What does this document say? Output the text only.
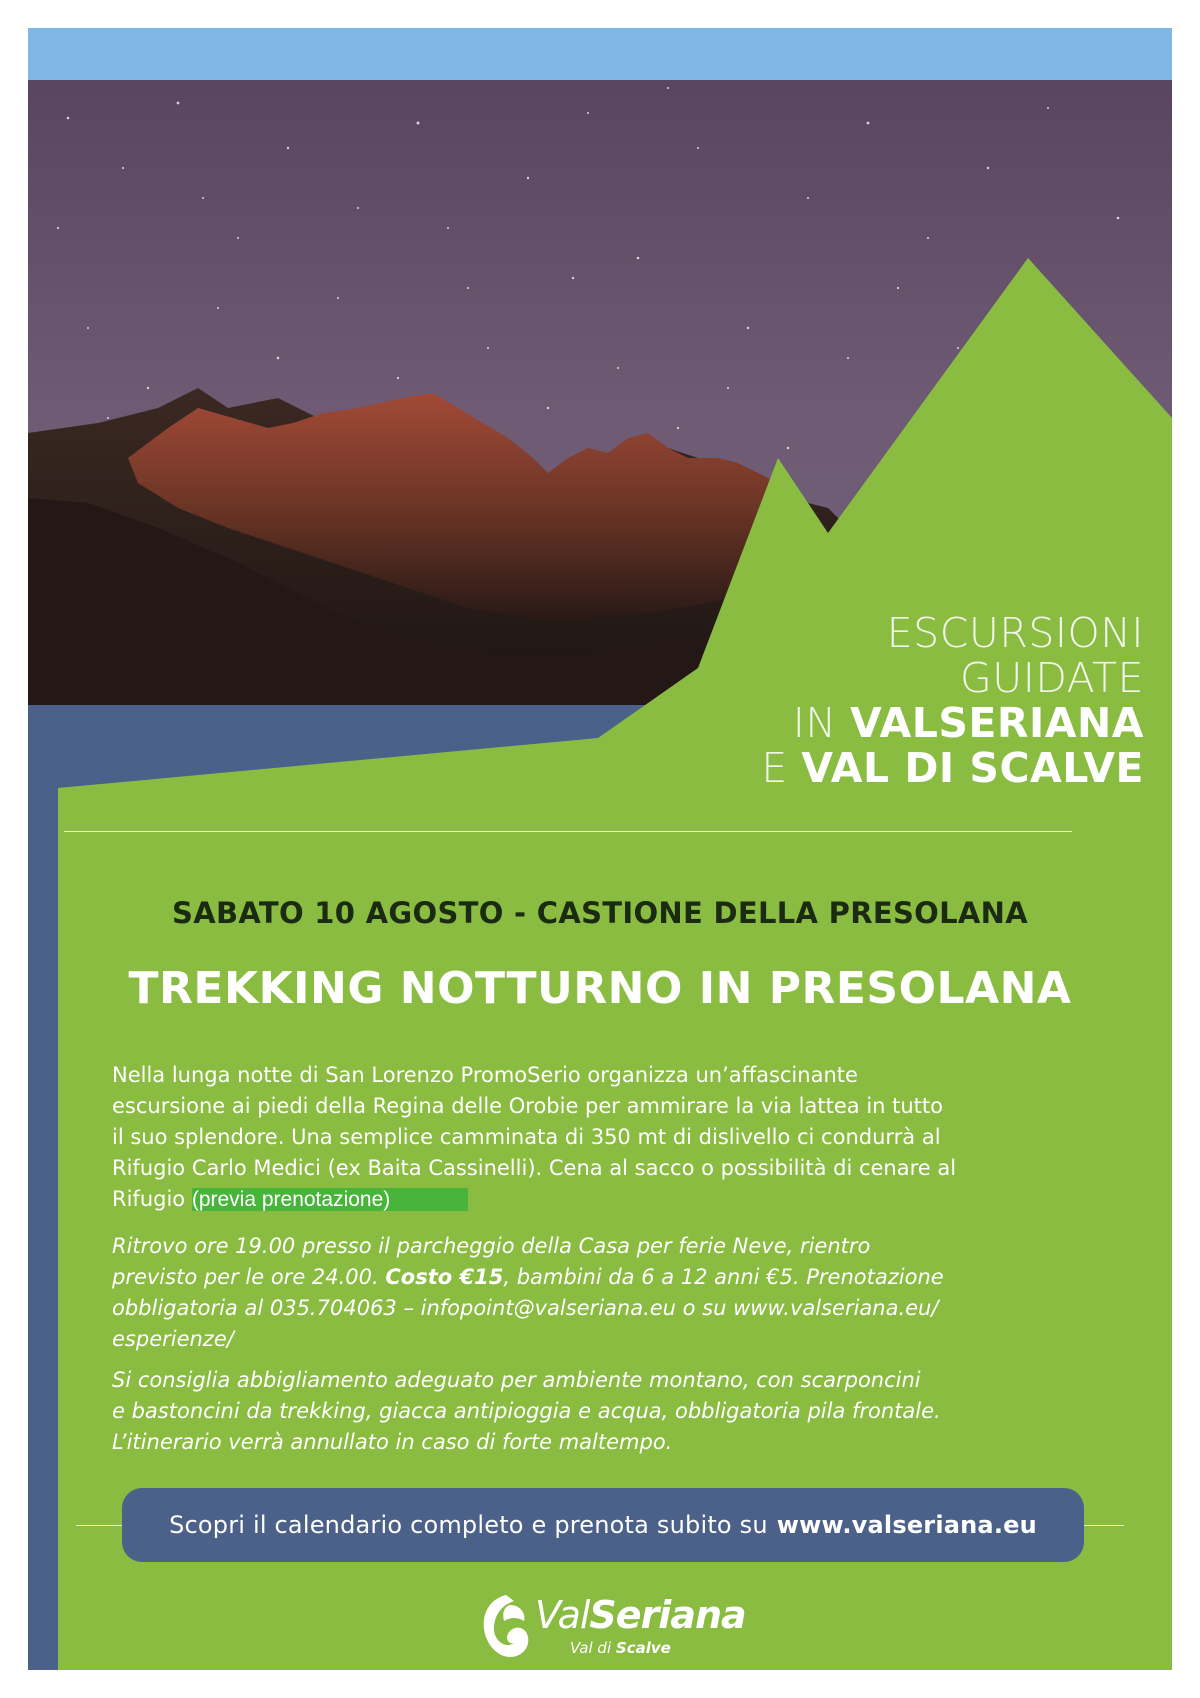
ESCURSIONI
GUIDATE
IN VALSERIANA
E VAL DI SCALVE
SABATO 10 AGOSTO - CASTIONE DELLA PRESOLANA
TREKKING NOTTURNO IN PRESOLANA
Nella lunga notte di San Lorenzo PromoSerio organizza un’affascinante
escursione ai piedi della Regina delle Orobie per ammirare la via lattea in tutto
il suo splendore. Una semplice camminata di 350 mt di dislivello ci condurrà al
Rifugio Carlo Medici (ex Baita Cassinelli). Cena al sacco o possibilità di cenare al
Rifugio (previa prenotazione)
Ritrovo ore 19.00 presso il parcheggio della Casa per ferie Neve, rientro
previsto per le ore 24.00. Costo €15, bambini da 6 a 12 anni €5. Prenotazione
obbligatoria al 035.704063 – infopoint@valseriana.eu o su www.valseriana.eu/
esperienze/
Si consiglia abbigliamento adeguato per ambiente montano, con scarponcini
e bastoncini da trekking, giacca antipioggia e acqua, obbligatoria pila frontale.
L’itinerario verrà annullato in caso di forte maltempo.
Scopri il calendario completo e prenota subito su www.valseriana.eu
ValSeriana
Val di Scalve
